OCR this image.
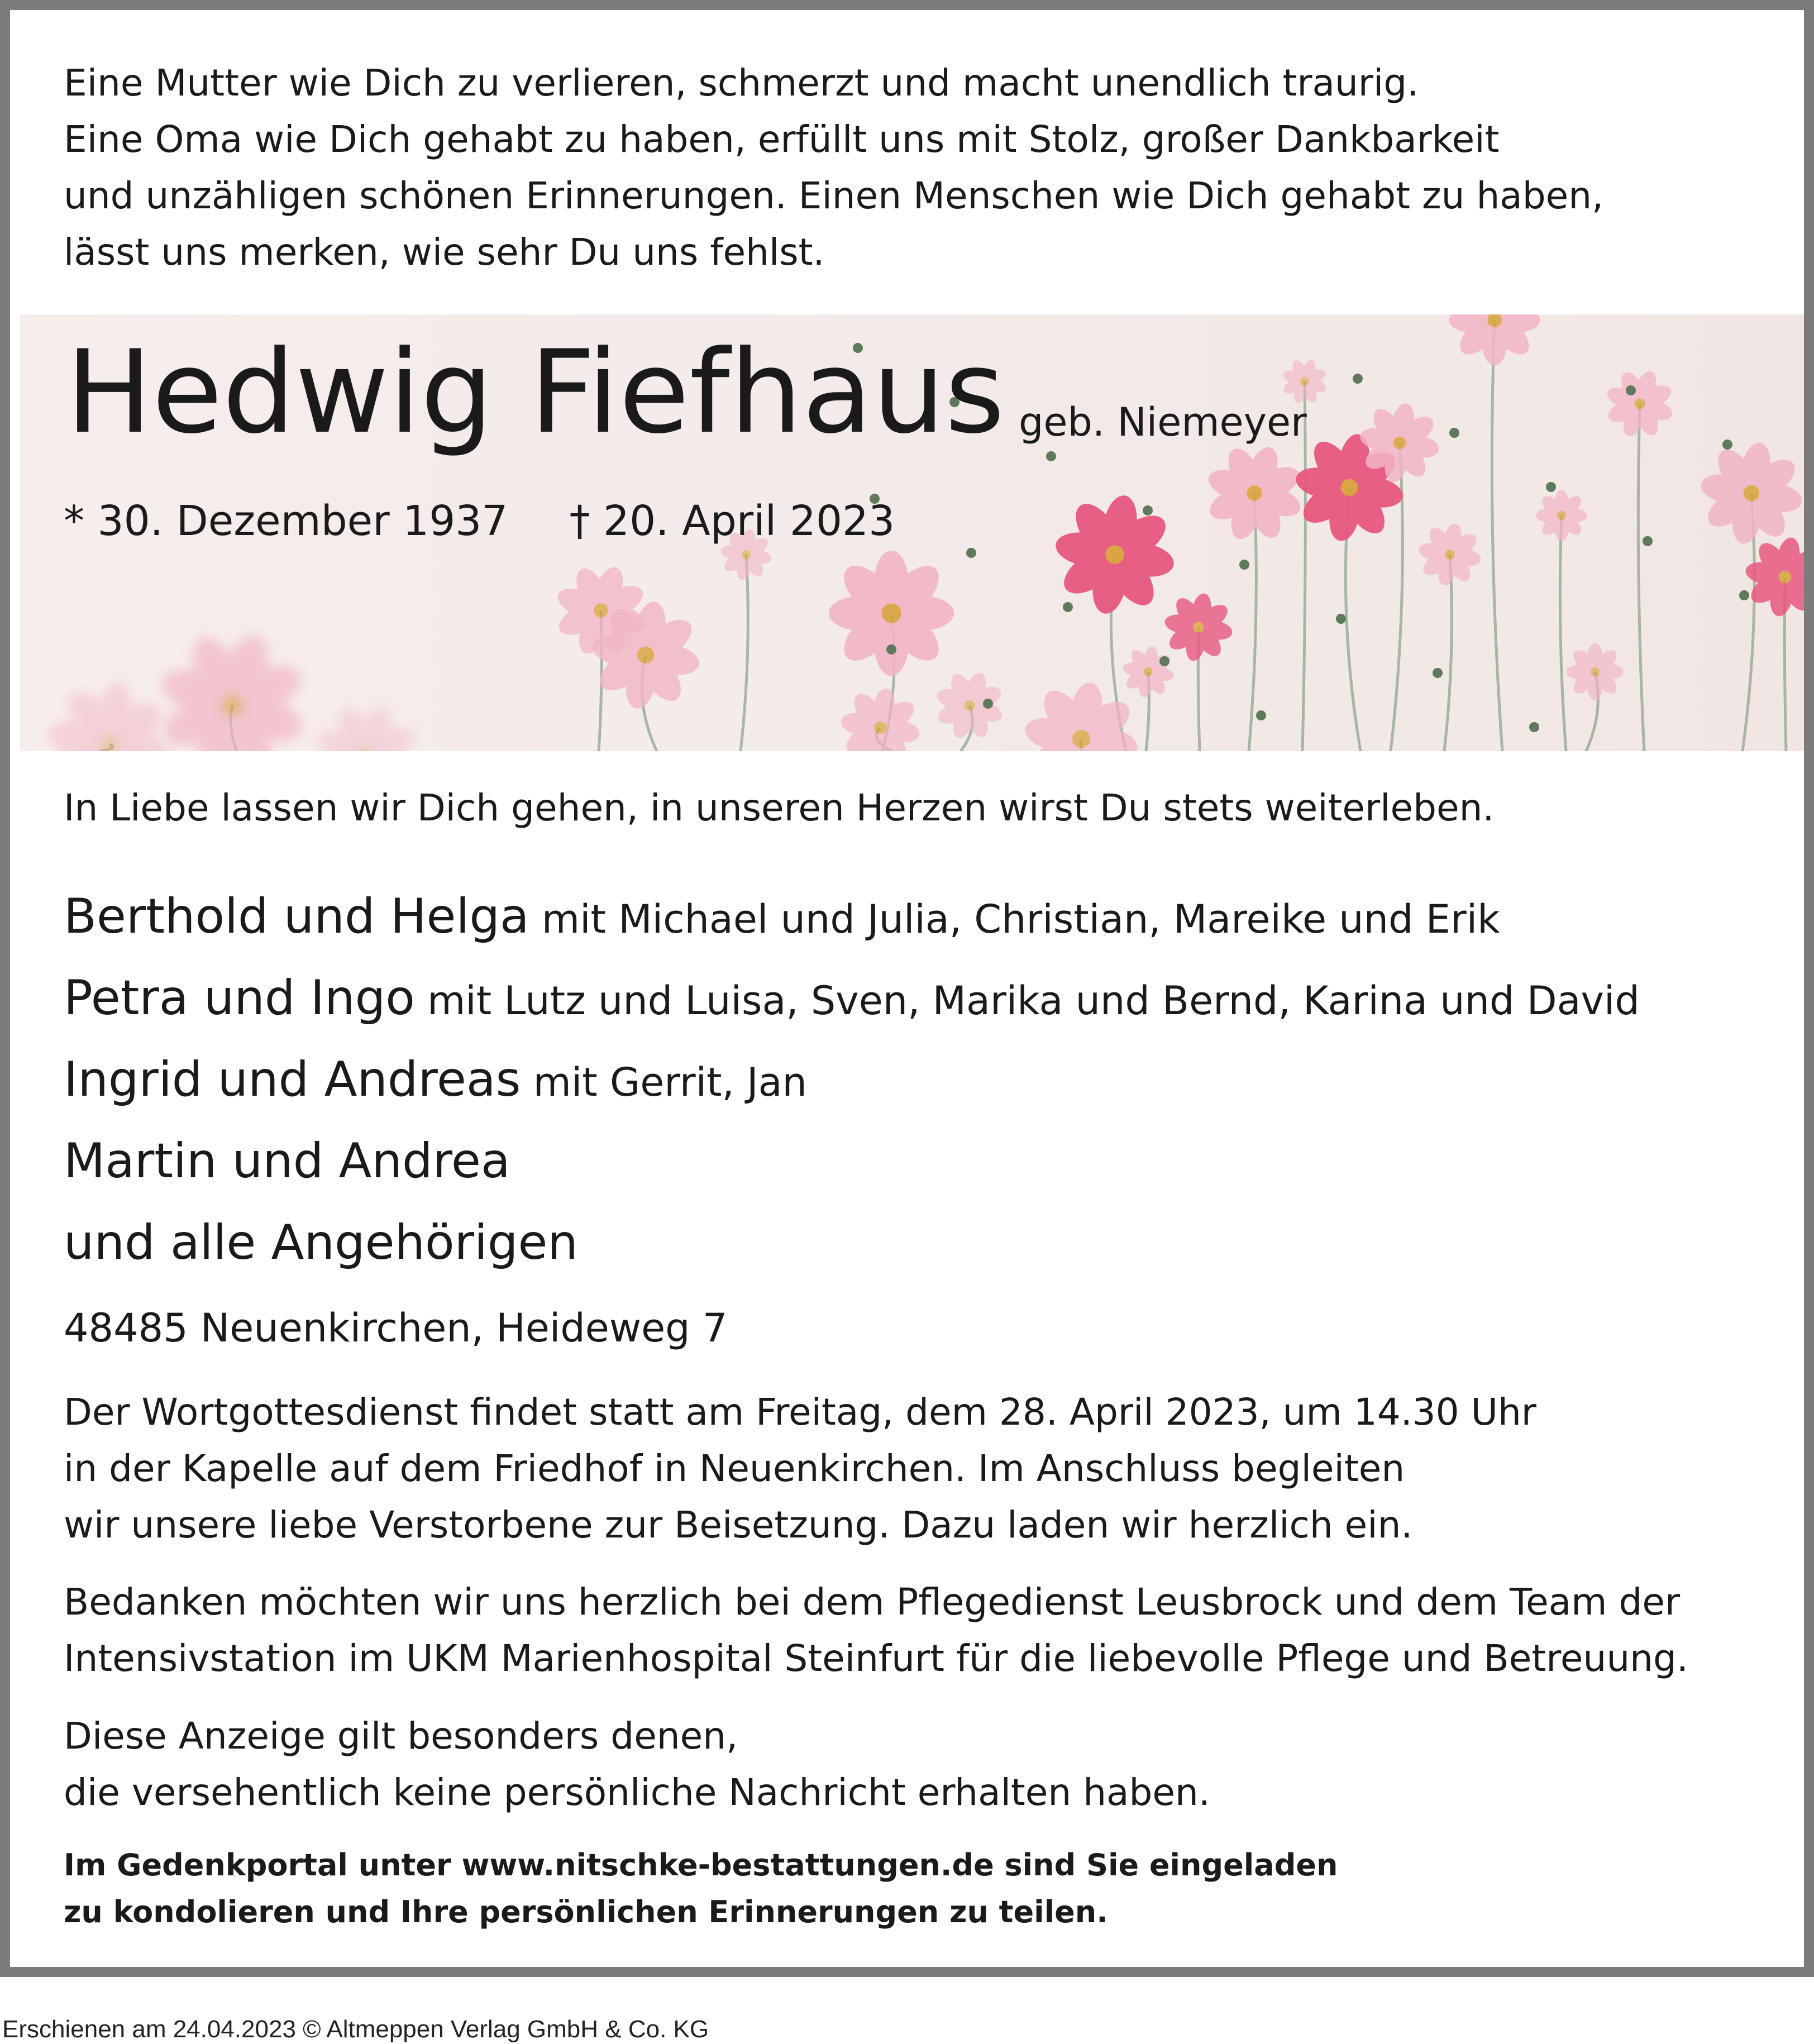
Eine Mutter wie Dich zu verlieren, schmerzt und macht unendlich traurig.
Eine Oma wie Dich gehabt zu haben, erfüllt uns mit Stolz, großer Dankbarkeit
und unzähligen schönen Erinnerungen. Einen Menschen wie Dich gehabt zu haben,
lässt uns merken, wie sehr Du uns fehlst.

Hedwig Fiefhaus geb. Niemeyer
* 30. Dezember 1937 † 20. April 2023

In Liebe lassen wir Dich gehen, in unseren Herzen wirst Du stets weiterleben.

Berthold und Helga mit Michael und Julia, Christian, Mareike und Erik
Petra und Ingo mit Lutz und Luisa, Sven, Marika und Bernd, Karina und David
Ingrid und Andreas mit Gerrit, Jan
Martin und Andrea
und alle Angehörigen

48485 Neuenkirchen, Heideweg 7

Der Wortgottesdienst findet statt am Freitag, dem 28. April 2023, um 14.30 Uhr
in der Kapelle auf dem Friedhof in Neuenkirchen. Im Anschluss begleiten
wir unsere liebe Verstorbene zur Beisetzung. Dazu laden wir herzlich ein.

Bedanken möchten wir uns herzlich bei dem Pflegedienst Leusbrock und dem Team der
Intensivstation im UKM Marienhospital Steinfurt für die liebevolle Pflege und Betreuung.

Diese Anzeige gilt besonders denen,
die versehentlich keine persönliche Nachricht erhalten haben.

Im Gedenkportal unter www.nitschke-bestattungen.de sind Sie eingeladen
zu kondolieren und Ihre persönlichen Erinnerungen zu teilen.

Erschienen am 24.04.2023 © Altmeppen Verlag GmbH & Co. KG
